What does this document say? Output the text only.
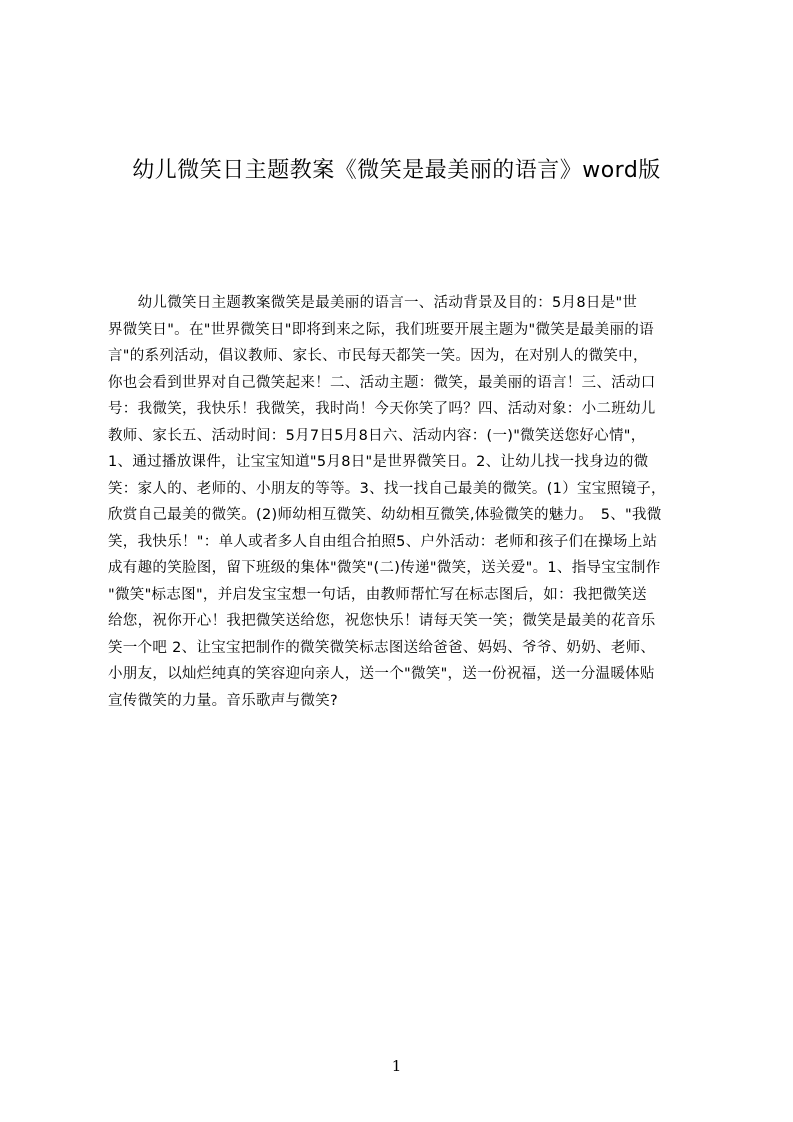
幼儿微笑日主题教案《微笑是最美丽的语言》word版
　　幼儿微笑日主题教案微笑是最美丽的语言一、活动背景及目的：5月8日是"世
界微笑日"。在"世界微笑日"即将到来之际，我们班要开展主题为"微笑是最美丽的语
言"的系列活动，倡议教师、家长、市民每天都笑一笑。因为，在对别人的微笑中，
你也会看到世界对自己微笑起来！二、活动主题：微笑，最美丽的语言！三、活动口
号：我微笑，我快乐！我微笑，我时尚！今天你笑了吗？四、活动对象：小二班幼儿
教师、家长五、活动时间：5月7日5月8日六、活动内容：(一)"微笑送您好心情"，
1、通过播放课件，让宝宝知道"5月8日"是世界微笑日。2、让幼儿找一找身边的微
笑：家人的、老师的、小朋友的等等。3、找一找自己最美的微笑。(1）宝宝照镜子，
欣赏自己最美的微笑。(2)师幼相互微笑、幼幼相互微笑,体验微笑的魅力。　5、"我微
笑，我快乐！"：单人或者多人自由组合拍照5、户外活动：老师和孩子们在操场上站
成有趣的笑脸图，留下班级的集体"微笑"(二)传递"微笑，送关爱"。1、指导宝宝制作
"微笑"标志图"，并启发宝宝想一句话，由教师帮忙写在标志图后，如：我把微笑送
给您，祝你开心！我把微笑送给您，祝您快乐！请每天笑一笑；微笑是最美的花音乐
笑一个吧 2、让宝宝把制作的微笑微笑标志图送给爸爸、妈妈、爷爷、奶奶、老师、
小朋友，以灿烂纯真的笑容迎向亲人，送一个"微笑"，送一份祝福，送一分温暖体贴
宣传微笑的力量。音乐歌声与微笑?
1
